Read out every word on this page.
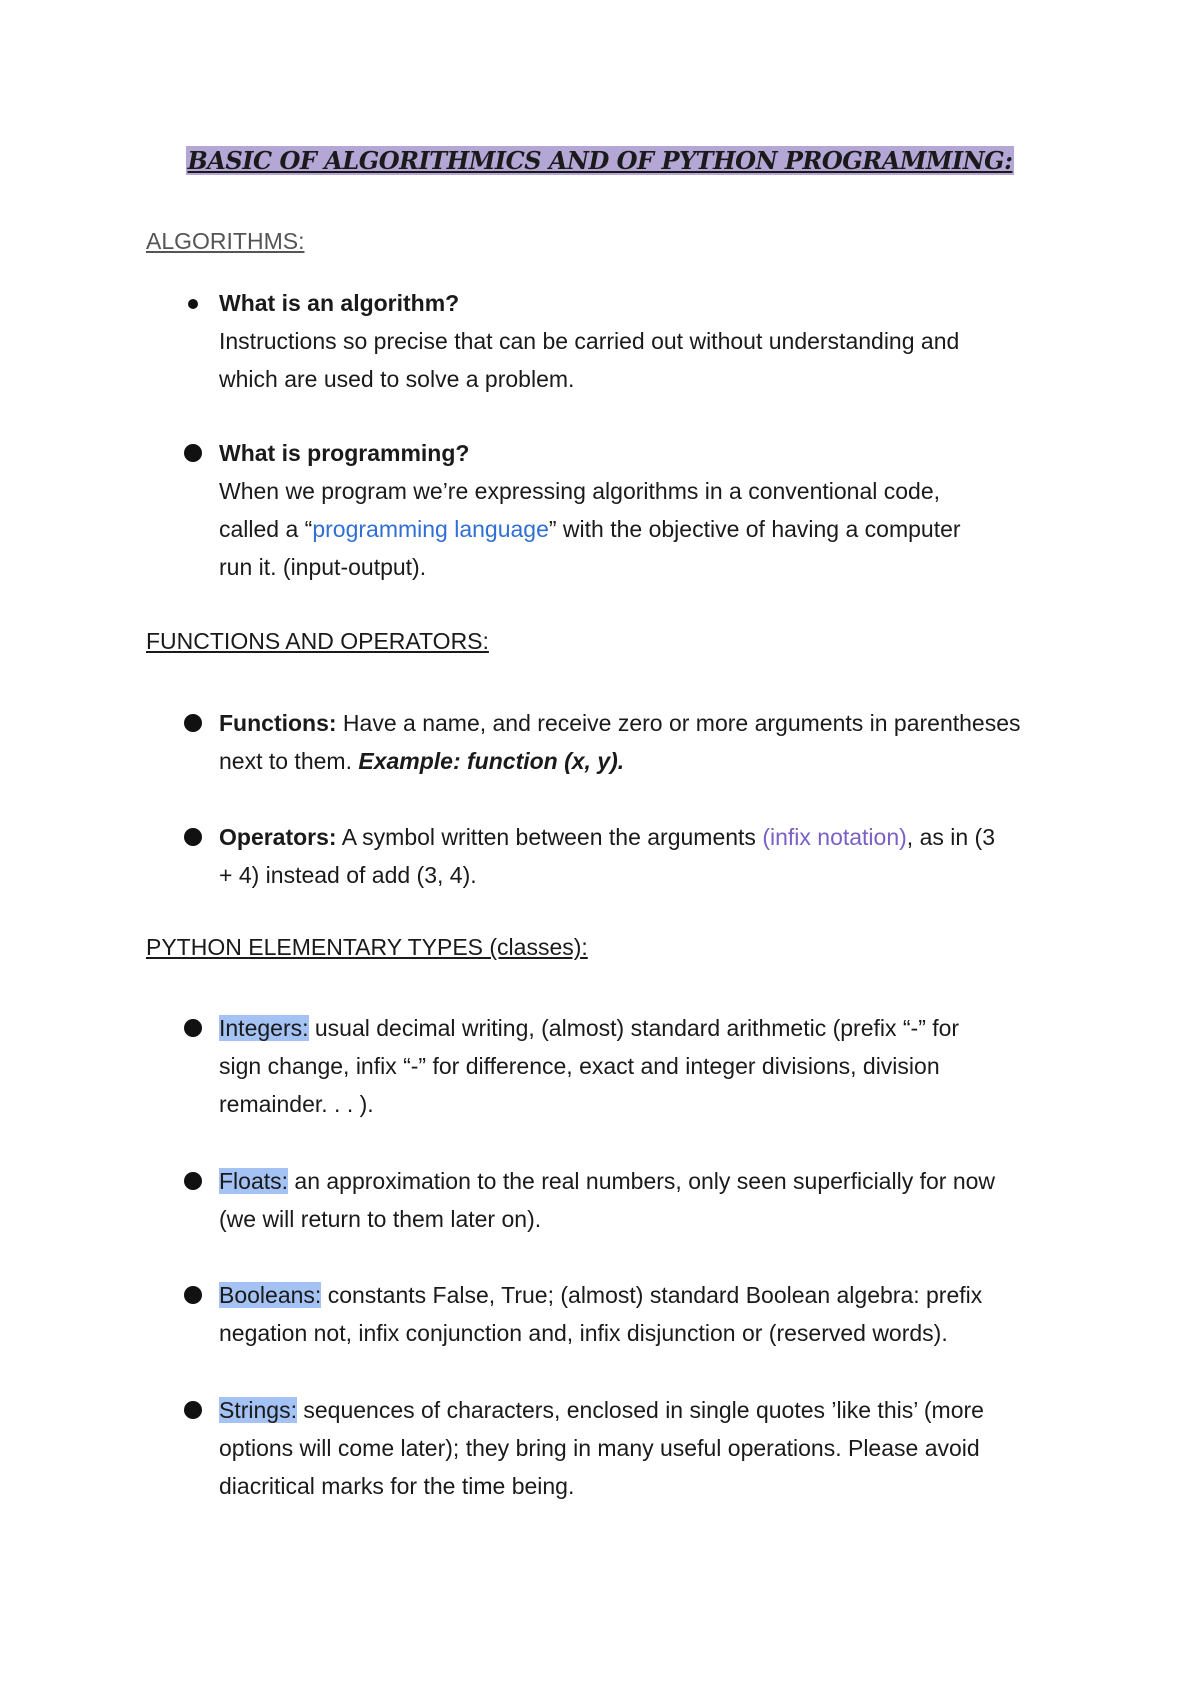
BASIC OF ALGORITHMICS AND OF PYTHON PROGRAMMING:
ALGORITHMS:
What is an algorithm?
Instructions so precise that can be carried out without understanding and
which are used to solve a problem.
What is programming?
When we program we’re expressing algorithms in a conventional code,
called a “programming language” with the objective of having a computer
run it. (input-output).
FUNCTIONS AND OPERATORS:
Functions: Have a name, and receive zero or more arguments in parentheses
next to them. Example: function (x, y).
Operators: A symbol written between the arguments (infix notation), as in (3
+ 4) instead of add (3, 4).
PYTHON ELEMENTARY TYPES (classes):
Integers: usual decimal writing, (almost) standard arithmetic (prefix “-” for
sign change, infix “-” for difference, exact and integer divisions, division
remainder. . . ).
Floats: an approximation to the real numbers, only seen superficially for now
(we will return to them later on).
Booleans: constants False, True; (almost) standard Boolean algebra: prefix
negation not, infix conjunction and, infix disjunction or (reserved words).
Strings: sequences of characters, enclosed in single quotes ’like this’ (more
options will come later); they bring in many useful operations. Please avoid
diacritical marks for the time being.
